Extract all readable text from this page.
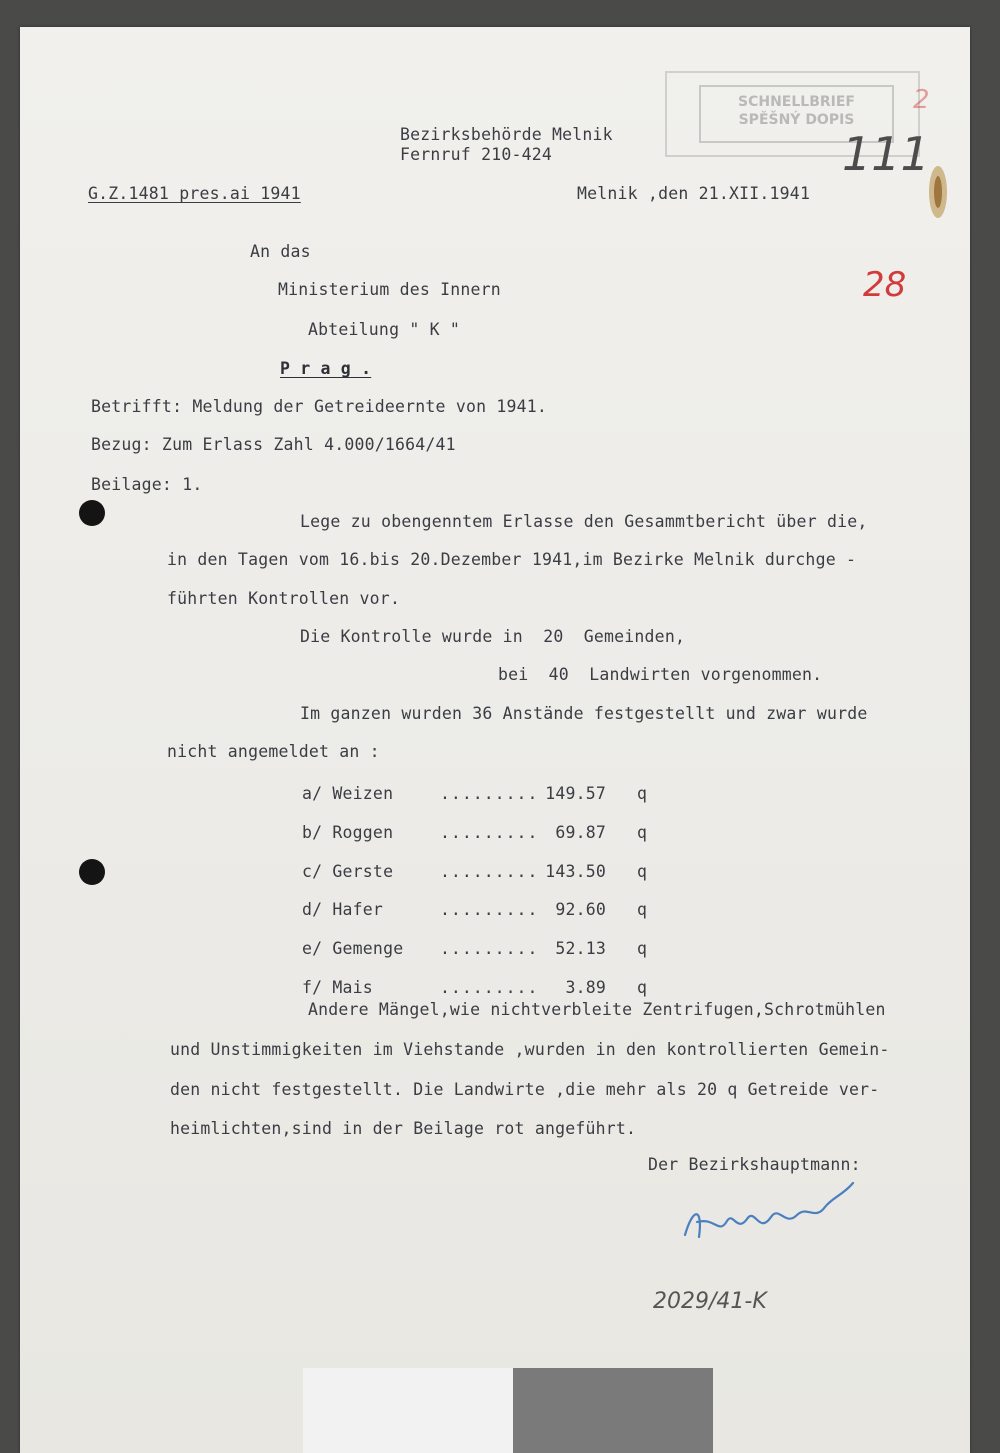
SCHNELLBRIEF
SPĚŠNÝ DOPIS
111
28
2
Bezirksbehörde Melnik
Fernruf 210-424
G.Z.1481 pres.ai 1941	Melnik ,den 21.XII.1941
An das
Ministerium des Innern
Abteilung " K "
P r a g .
Betrifft: Meldung der Getreideernte von 1941.
Bezug: Zum Erlass Zahl 4.000/1664/41
Beilage: 1.
Lege zu obengenntem Erlasse den Gesammtbericht über die,
in den Tagen vom 16.bis 20.Dezember 1941,im Bezirke Melnik durchge -
führten Kontrollen vor.
Die Kontrolle wurde in  20  Gemeinden,
bei  40  Landwirten vorgenommen.
Im ganzen wurden 36 Anstände festgestellt und zwar wurde
nicht angemeldet an :
a/ Weizen	......... 149.57 q
b/ Roggen	.........	69.87 q
c/ Gerste	......... 143.50 q
d/ Hafer	.........	92.60 q
e/ Gemenge .........	52.13 q
f/ Mais	.........	3.89 q
Andere Mängel,wie nichtverbleite Zentrifugen,Schrotmühlen
und Unstimmigkeiten im Viehstande ,wurden in den kontrollierten Gemein-
den nicht festgestellt. Die Landwirte ,die mehr als 20 q Getreide ver-
heimlichten,sind in der Beilage rot angeführt.
Der Bezirkshauptmann:
2029/41-K
